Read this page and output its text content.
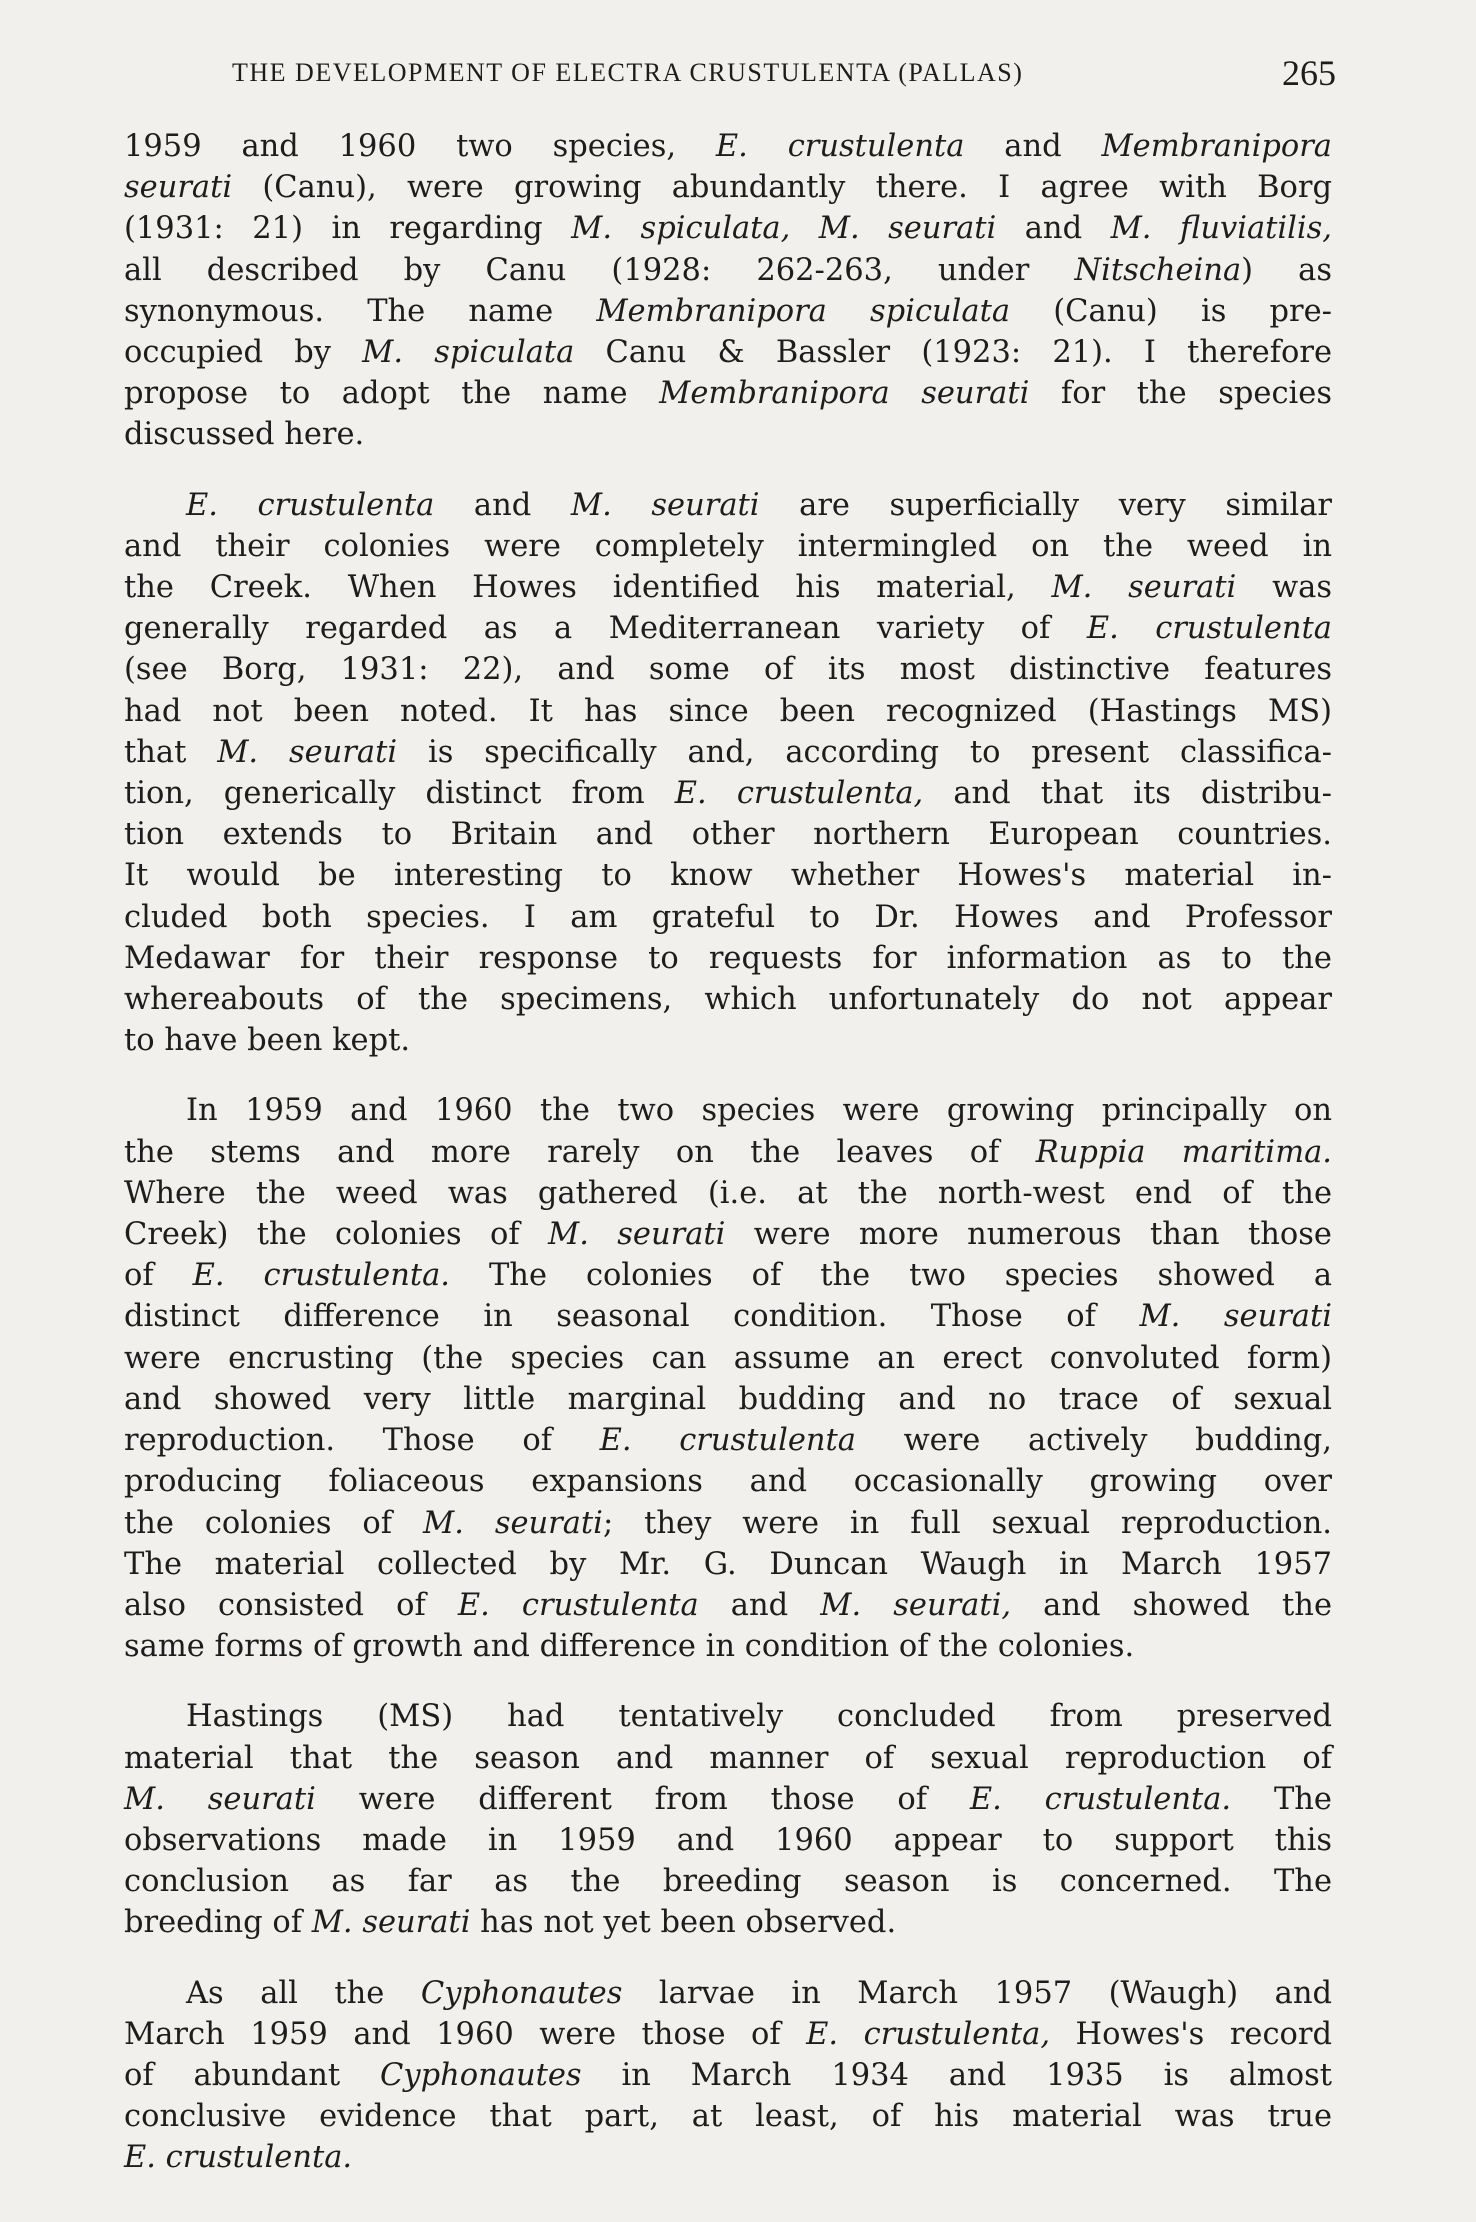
THE DEVELOPMENT OF ELECTRA CRUSTULENTA (PALLAS)	265

1959 and 1960 two species, E. crustulenta and Membranipora
seurati (Canu), were growing abundantly there. I agree with Borg
(1931: 21) in regarding M. spiculata, M. seurati and M. fluviatilis,
all described by Canu (1928: 262-263, under Nitscheina) as
synonymous. The name Membranipora spiculata (Canu) is pre-
occupied by M. spiculata Canu & Bassler (1923: 21). I therefore
propose to adopt the name Membranipora seurati for the species
discussed here.

E. crustulenta and M. seurati are superficially very similar
and their colonies were completely intermingled on the weed in
the Creek. When Howes identified his material, M. seurati was
generally regarded as a Mediterranean variety of E. crustulenta
(see Borg, 1931: 22), and some of its most distinctive features
had not been noted. It has since been recognized (Hastings MS)
that M. seurati is specifically and, according to present classifica-
tion, generically distinct from E. crustulenta, and that its distribu-
tion extends to Britain and other northern European countries.
It would be interesting to know whether Howes's material in-
cluded both species. I am grateful to Dr. Howes and Professor
Medawar for their response to requests for information as to the
whereabouts of the specimens, which unfortunately do not appear
to have been kept.

In 1959 and 1960 the two species were growing principally on
the stems and more rarely on the leaves of Ruppia maritima.
Where the weed was gathered (i.e. at the north-west end of the
Creek) the colonies of M. seurati were more numerous than those
of E. crustulenta. The colonies of the two species showed a
distinct difference in seasonal condition. Those of M. seurati
were encrusting (the species can assume an erect convoluted form)
and showed very little marginal budding and no trace of sexual
reproduction. Those of E. crustulenta were actively budding,
producing foliaceous expansions and occasionally growing over
the colonies of M. seurati; they were in full sexual reproduction.
The material collected by Mr. G. Duncan Waugh in March 1957
also consisted of E. crustulenta and M. seurati, and showed the
same forms of growth and difference in condition of the colonies.

Hastings (MS) had tentatively concluded from preserved
material that the season and manner of sexual reproduction of
M. seurati were different from those of E. crustulenta. The
observations made in 1959 and 1960 appear to support this
conclusion as far as the breeding season is concerned. The
breeding of M. seurati has not yet been observed.

As all the Cyphonautes larvae in March 1957 (Waugh) and
March 1959 and 1960 were those of E. crustulenta, Howes's record
of abundant Cyphonautes in March 1934 and 1935 is almost
conclusive evidence that part, at least, of his material was true
E. crustulenta.
